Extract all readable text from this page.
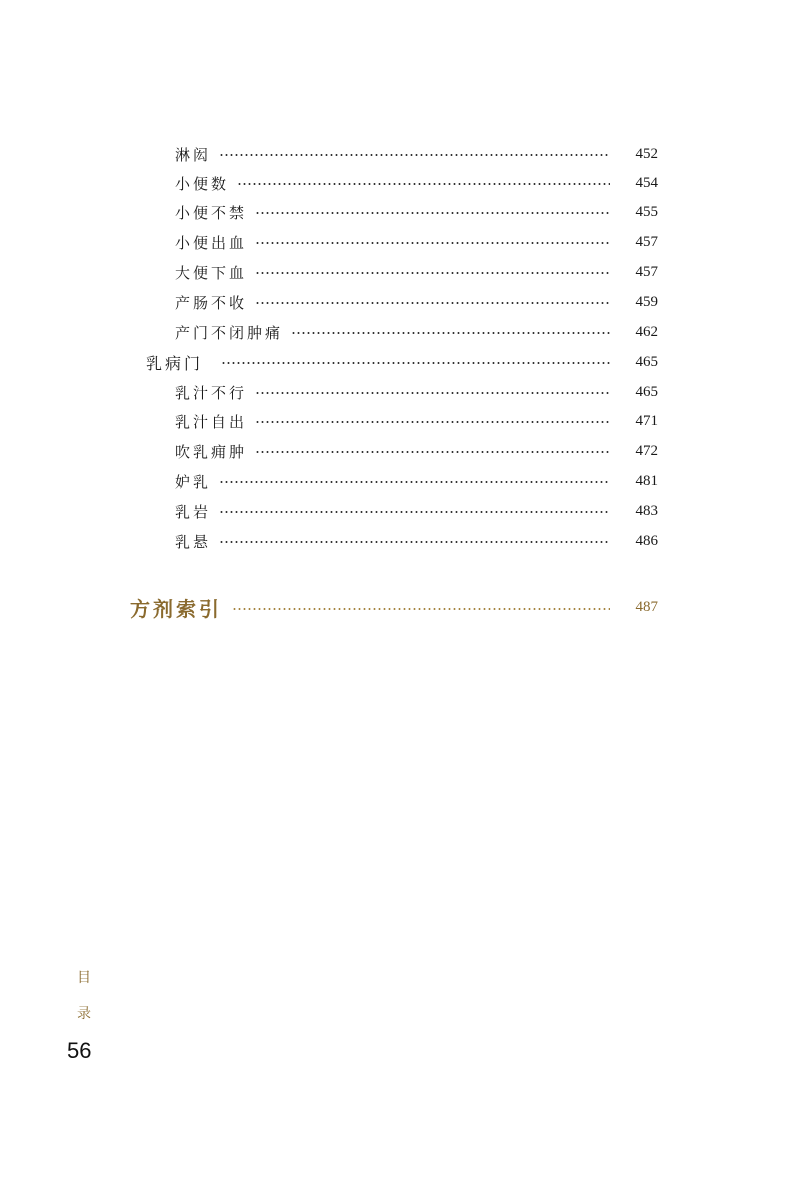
淋闳	452
小便数	454
小便不禁	455
小便出血	457
大便下血	457
产肠不收	459
产门不闭肿痛	462
乳病门	465
乳汁不行	465
乳汁自出	471
吹乳痈肿	472
妒乳	481
乳岩	483
乳悬	486
方剂索引	487
目
录
56
